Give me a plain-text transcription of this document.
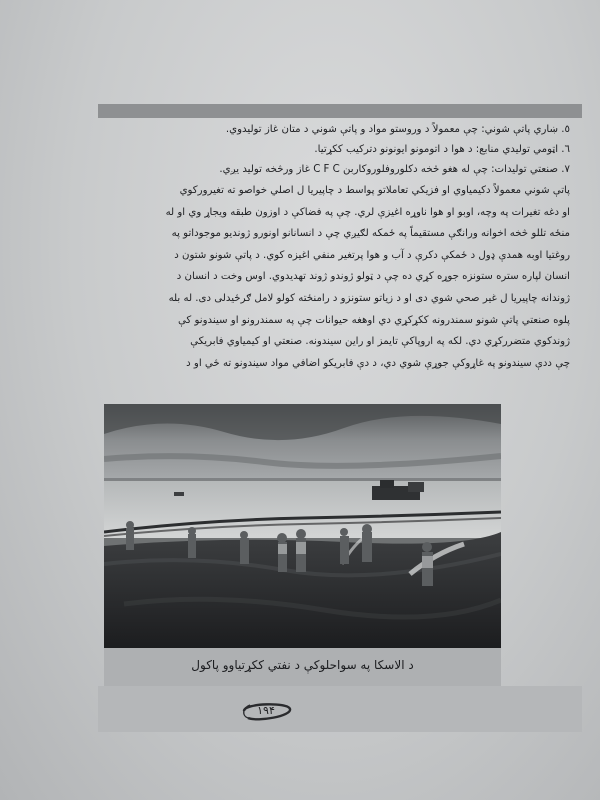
٥. ښاري پاتې شوني: چې معمولاً د وروستو مواد و پاتې شوني د متان غاز تولیدوي.
٦. اټومي تولیدي منابع: د هوا د اتومونو ایونونو دترکیب ککړتیا.
٧. صنعتي تولیدات: چې له هغو څخه دکلوروفلوروکاربن C F C غاز ورڅخه تولید یږي.
پاتې شوني معمولاً دکیمیاوي او فزیکي تعاملاتو پواسط د چاپیریا ل اصلي خواصو ته تغیرورکوي
او دغه تغیرات په وچه، اوبو او هوا ناوړه اغیزې لري. چې په فضاکې د اوزون طبقه ویجاړ وي او له
منځه تللو څخه اخوانه ورانګې مستقیماً په ځمکه لګیږي چې د انسانانو اونورو ژوندیو موجوداتو په
روغتیا اوبه همدې ډول د ځمکې دکرې د آب و هوا پرتغیر منفي اغیزه کوي. د پاتې شونو شتون د
انسان لپاره ستره ستونزه جوړه کړي ده چې د ټولو ژوندو ژوند تهدیدوي. اوس وخت د انسان د
ژوندانه چاپیریا ل غیر صحي شوي دی او د زیاتو ستونزو د رامنځته کولو لامل ګرځیدلی دی. له بله
پلوه صنعتي پاتې شونو سمندرونه ککړکړي دي اوهغه حیوانات چې په سمندرونو او سیندونو کې
ژوندکوي متضررکړي دي. لکه په اروپاکې تایمز او راین سیندونه. صنعتي او کیمیاوي فابریکې
چې ددې سیندونو په غاړوکې جوړې شوي دي، د دې فابریکو اضافي مواد سیندونو ته ځي او د
د الاسکا په سواحلوکې د نفتي ککړتیاوو پاکول
۱۹۴
